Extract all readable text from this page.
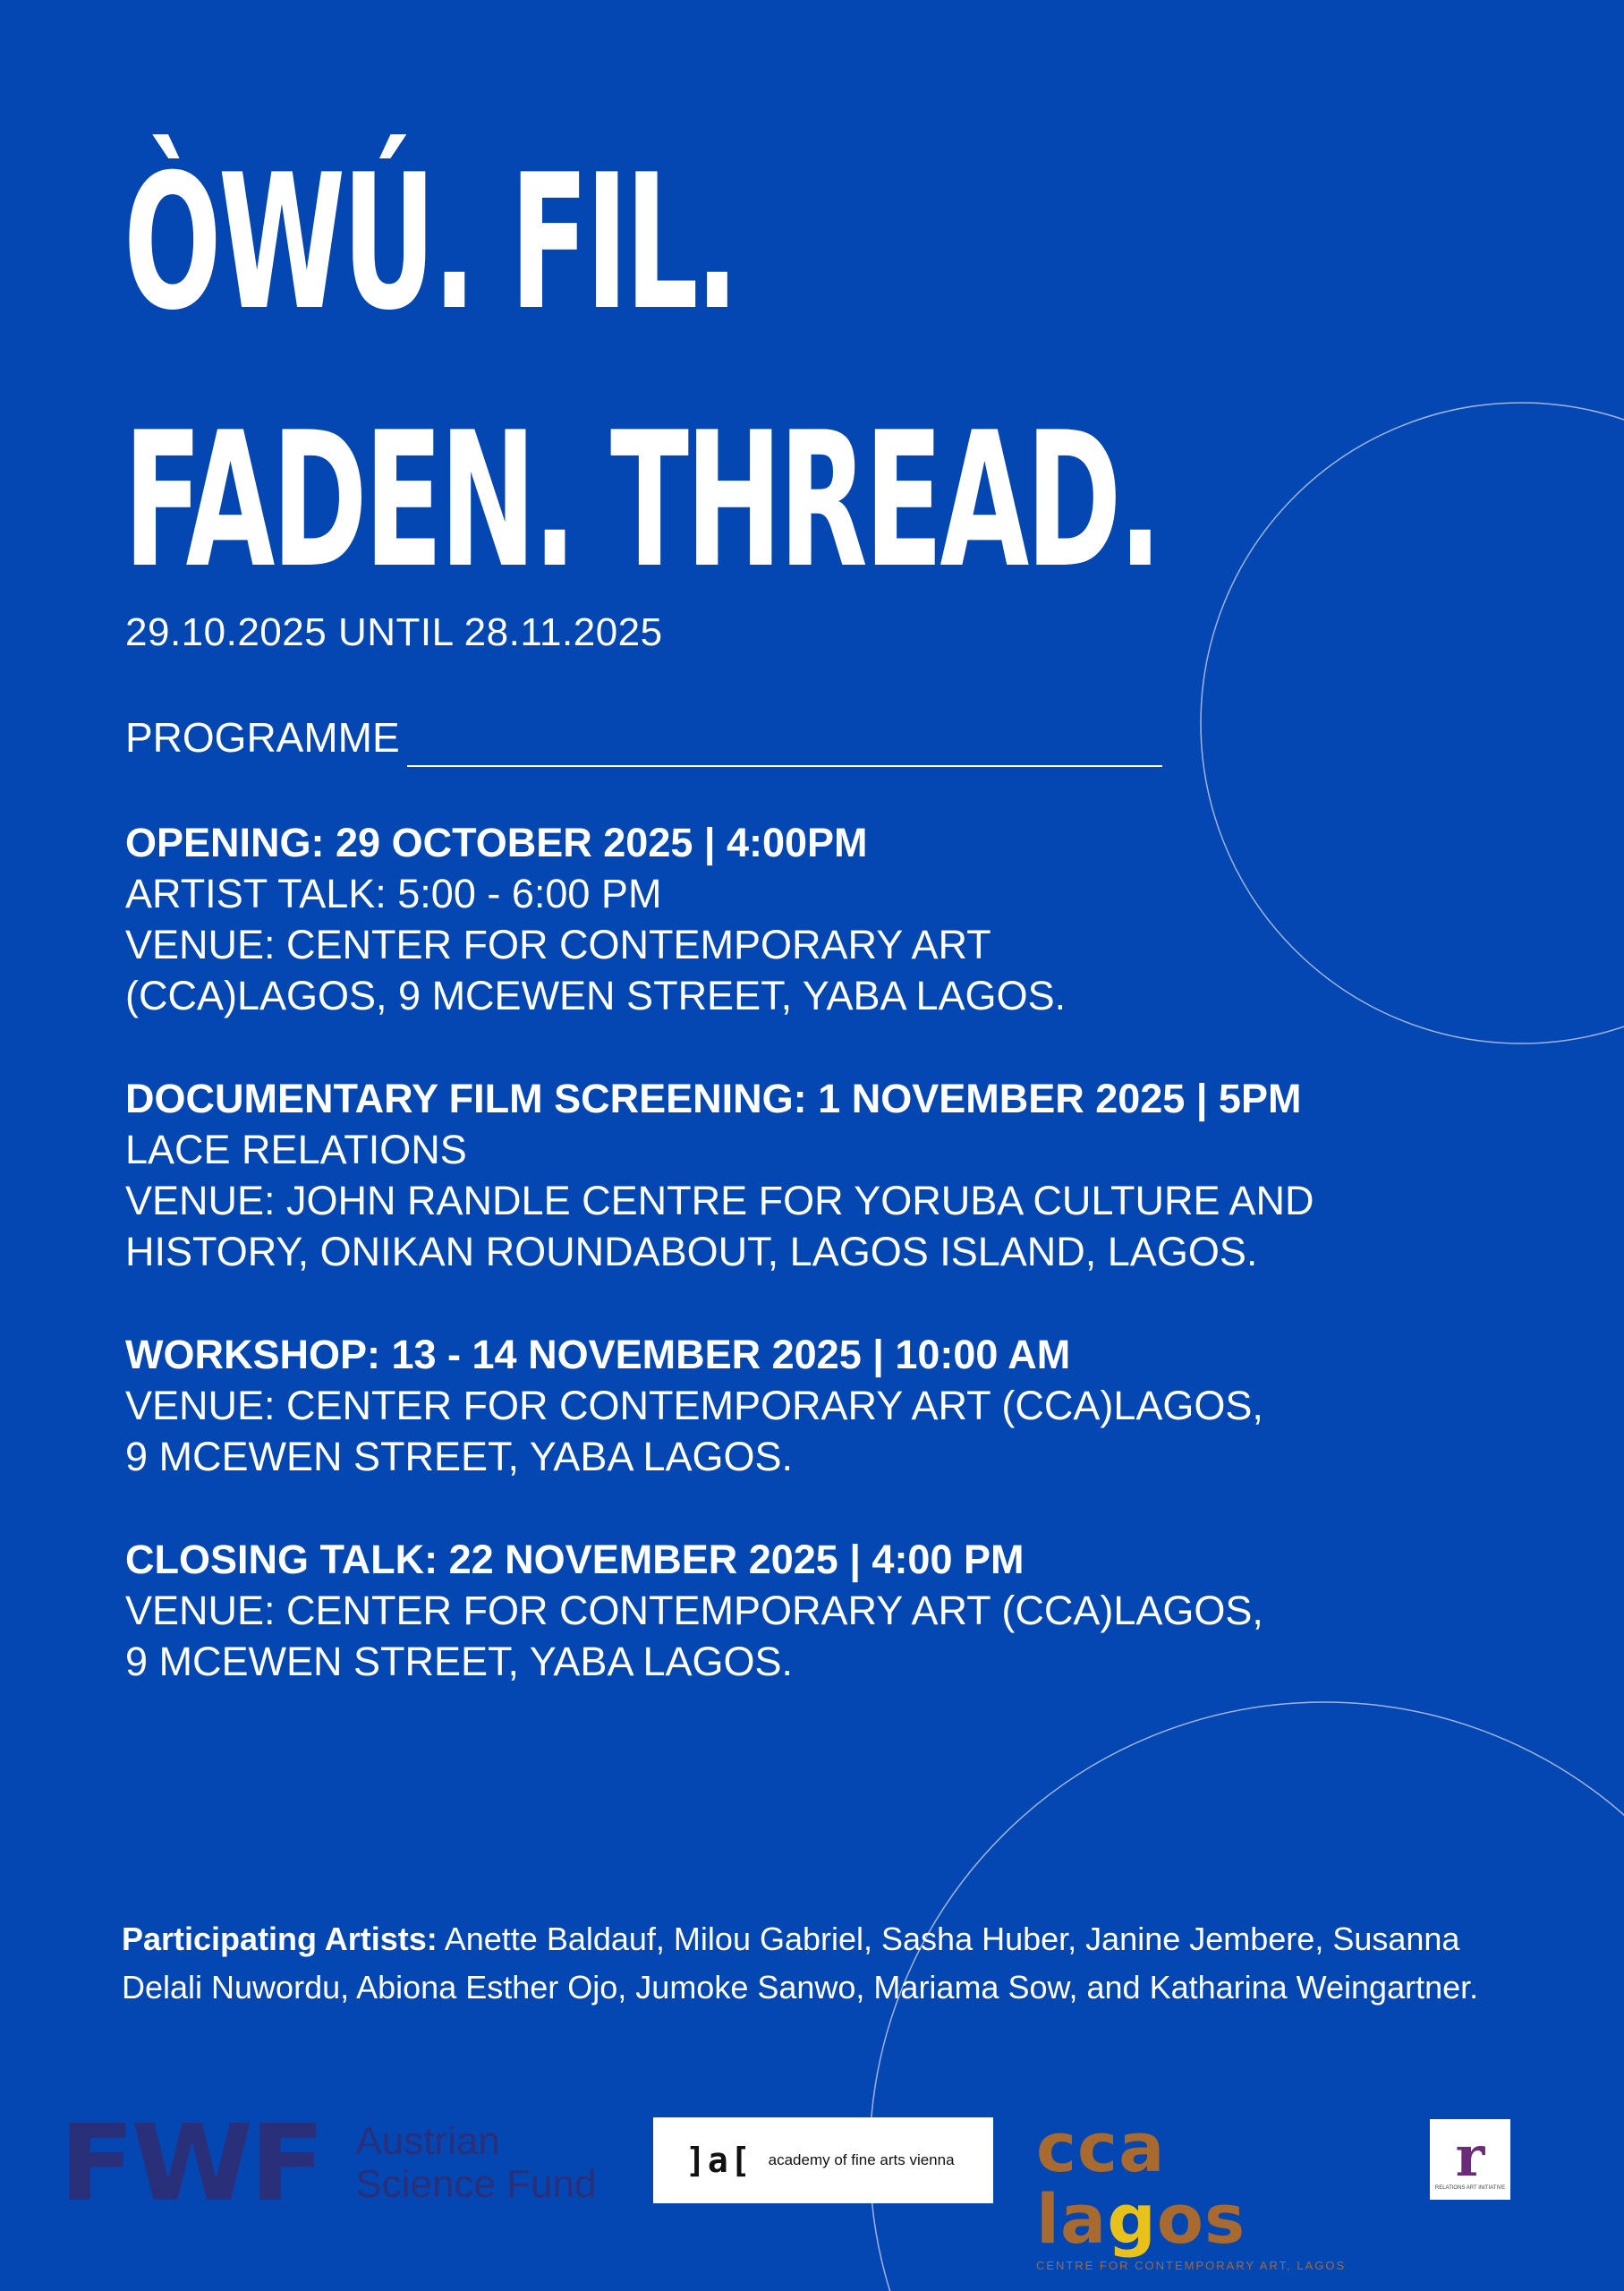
ÒWÚ. FIL.
FADEN. THREAD.
29.10.2025 UNTIL 28.11.2025
PROGRAMME
OPENING: 29 OCTOBER 2025 | 4:00PM
ARTIST TALK: 5:00 - 6:00 PM
VENUE: CENTER FOR CONTEMPORARY ART
(CCA)LAGOS, 9 MCEWEN STREET, YABA LAGOS.
DOCUMENTARY FILM SCREENING: 1 NOVEMBER 2025 | 5PM
LACE RELATIONS
VENUE: JOHN RANDLE CENTRE FOR YORUBA CULTURE AND
HISTORY, ONIKAN ROUNDABOUT, LAGOS ISLAND, LAGOS.
WORKSHOP: 13 - 14 NOVEMBER 2025 | 10:00 AM
VENUE: CENTER FOR CONTEMPORARY ART (CCA)LAGOS,
9 MCEWEN STREET, YABA LAGOS.
CLOSING TALK: 22 NOVEMBER 2025 | 4:00 PM
VENUE: CENTER FOR CONTEMPORARY ART (CCA)LAGOS,
9 MCEWEN STREET, YABA LAGOS.
Participating Artists: Anette Baldauf, Milou Gabriel, Sasha Huber, Janine Jembere, Susanna Delali Nuwordu, Abiona Esther Ojo, Jumoke Sanwo, Mariama Sow, and Katharina Weingartner.
FWF Austrian
Science Fund
]a[ academy of fine arts vienna cca lagos
CENTRE FOR CONTEMPORARY ART, LAGOS
r
RELATIONS ART INITIATIVE
